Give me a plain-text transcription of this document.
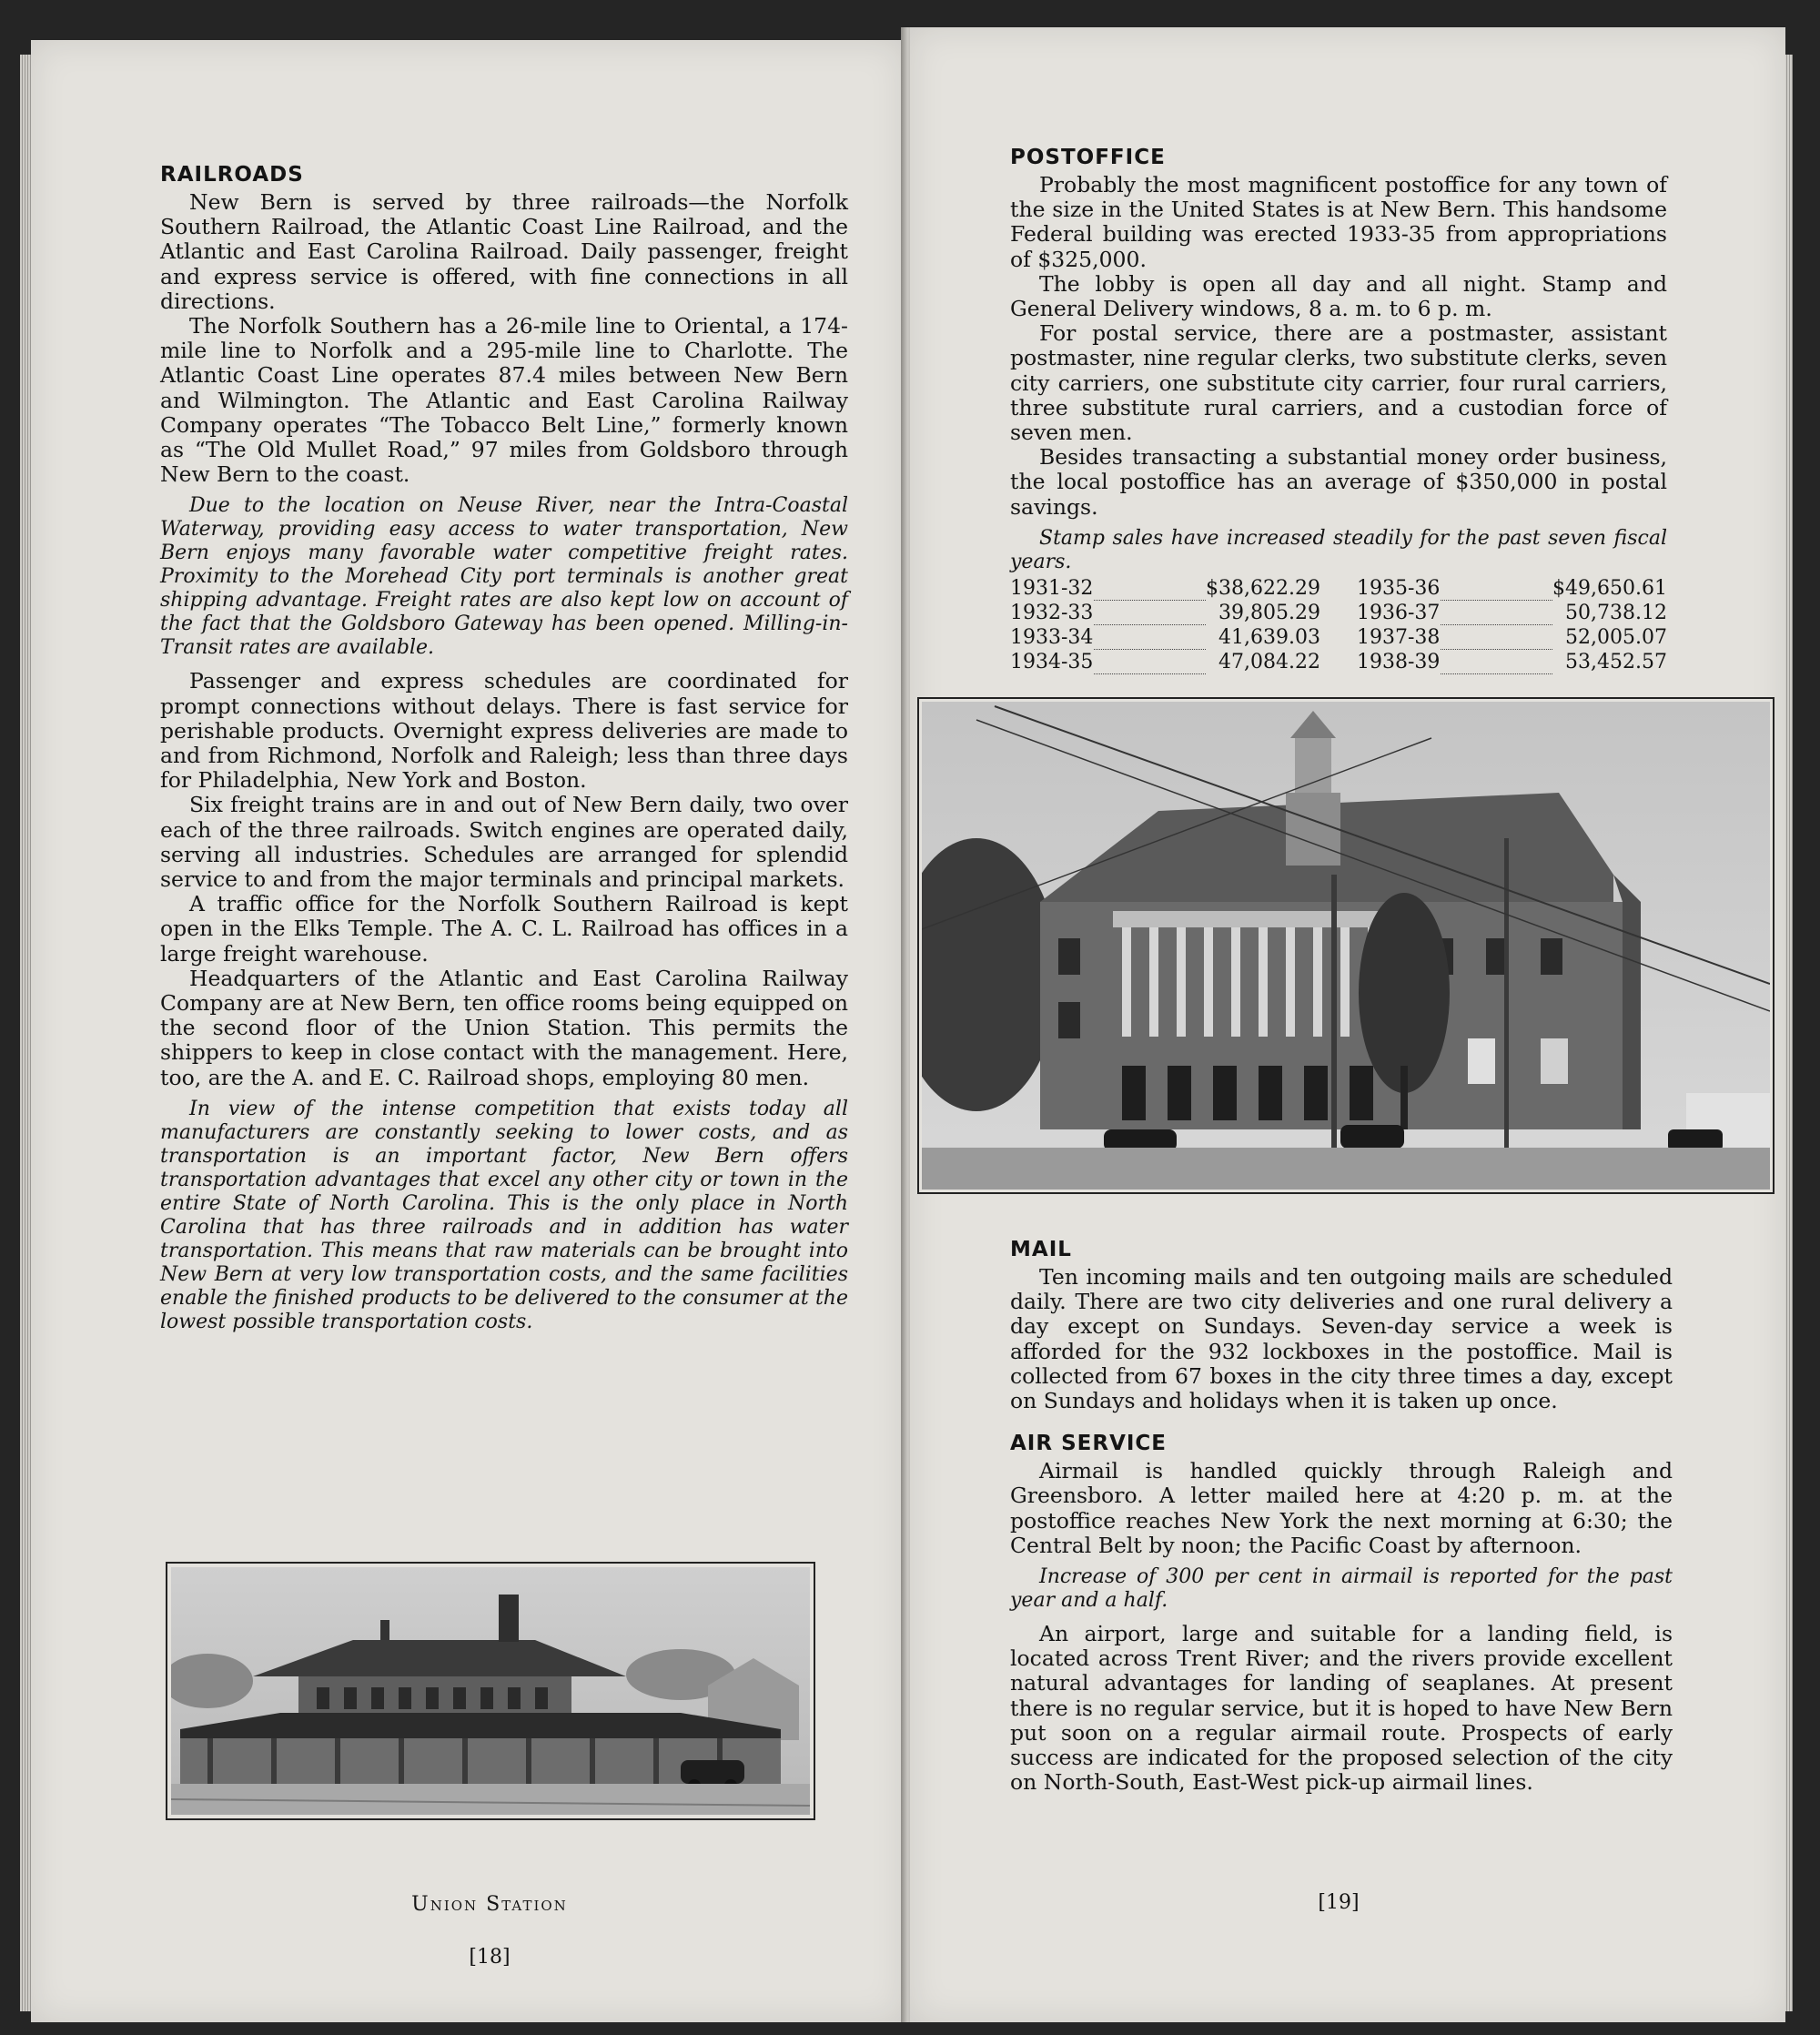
RAILROADS

New Bern is served by three railroads—the Norfolk Southern Railroad, the Atlantic Coast Line Railroad, and the Atlantic and East Carolina Railroad. Daily passenger, freight and express service is offered, with fine connections in all directions.

The Norfolk Southern has a 26-mile line to Oriental, a 174-mile line to Norfolk and a 295-mile line to Charlotte. The Atlantic Coast Line operates 87.4 miles between New Bern and Wilmington. The Atlantic and East Carolina Railway Company operates “The Tobacco Belt Line,” formerly known as “The Old Mullet Road,” 97 miles from Goldsboro through New Bern to the coast.

Due to the location on Neuse River, near the Intra-Coastal Waterway, providing easy access to water transportation, New Bern enjoys many favorable water competitive freight rates. Proximity to the Morehead City port terminals is another great shipping advantage. Freight rates are also kept low on account of the fact that the Goldsboro Gateway has been opened. Milling-in-Transit rates are available.

Passenger and express schedules are coordinated for prompt connections without delays. There is fast service for perishable products. Overnight express deliveries are made to and from Richmond, Norfolk and Raleigh; less than three days for Philadelphia, New York and Boston.

Six freight trains are in and out of New Bern daily, two over each of the three railroads. Switch engines are operated daily, serving all industries. Schedules are arranged for splendid service to and from the major terminals and principal markets.

A traffic office for the Norfolk Southern Railroad is kept open in the Elks Temple. The A. C. L. Railroad has offices in a large freight warehouse.

Headquarters of the Atlantic and East Carolina Railway Company are at New Bern, ten office rooms being equipped on the second floor of the Union Station. This permits the shippers to keep in close contact with the management. Here, too, are the A. and E. C. Railroad shops, employing 80 men.

In view of the intense competition that exists today all manufacturers are constantly seeking to lower costs, and as transportation is an important factor, New Bern offers transportation advantages that excel any other city or town in the entire State of North Carolina. This is the only place in North Carolina that has three railroads and in addition has water transportation. This means that raw materials can be brought into New Bern at very low transportation costs, and the same facilities enable the finished products to be delivered to the consumer at the lowest possible transportation costs.

Union Station
[18]
POSTOFFICE

Probably the most magnificent postoffice for any town of the size in the United States is at New Bern. This handsome Federal building was erected 1933-35 from appropriations of $325,000.

The lobby is open all day and all night. Stamp and General Delivery windows, 8 a. m. to 6 p. m.

For postal service, there are a postmaster, assistant postmaster, nine regular clerks, two substitute clerks, seven city carriers, one substitute city carrier, four rural carriers, three substitute rural carriers, and a custodian force of seven men.

Besides transacting a substantial money order business, the local postoffice has an average of $350,000 in postal savings.

Stamp sales have increased steadily for the past seven fiscal years.

1931-32		$38,622.29		1935-36		$49,650.61
1932-33		39,805.29		1936-37		50,738.12
1933-34		41,639.03		1937-38		52,005.07
1934-35		47,084.22		1938-39		53,452.57
MAIL

Ten incoming mails and ten outgoing mails are scheduled daily. There are two city deliveries and one rural delivery a day except on Sundays. Seven-day service a week is afforded for the 932 lockboxes in the postoffice. Mail is collected from 67 boxes in the city three times a day, except on Sundays and holidays when it is taken up once.

AIR SERVICE

Airmail is handled quickly through Raleigh and Greensboro. A letter mailed here at 4:20 p. m. at the postoffice reaches New York the next morning at 6:30; the Central Belt by noon; the Pacific Coast by afternoon.

Increase of 300 per cent in airmail is reported for the past year and a half.

An airport, large and suitable for a landing field, is located across Trent River; and the rivers provide excellent natural advantages for landing of seaplanes. At present there is no regular service, but it is hoped to have New Bern put soon on a regular airmail route. Prospects of early success are indicated for the proposed selection of the city on North-South, East-West pick-up airmail lines.

[19]
